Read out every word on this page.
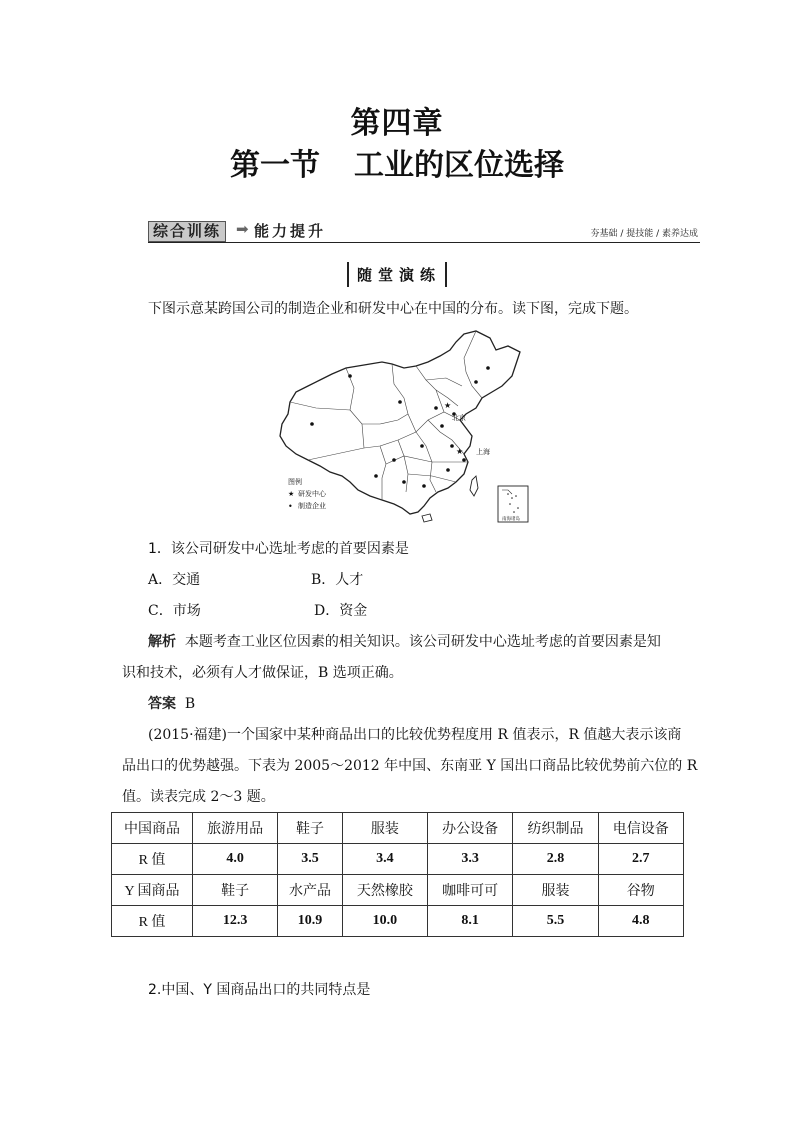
第四章
第一节 工业的区位选择
综合训练 ➡ 能力提升	夯基础 / 提技能 / 素养达成
随堂演练
下图示意某跨国公司的制造企业和研发中心在中国的分布。读下图，完成下题。
★
★
北京
上海
图例
★ 研发中心
• 制造企业
南海诸岛
1．该公司研发中心选址考虑的首要因素是
A．交通	B．人才
C．市场	D．资金
解析 本题考查工业区位因素的相关知识。该公司研发中心选址考虑的首要因素是知
识和技术，必须有人才做保证，B 选项正确。
答案 B
(2015·福建)一个国家中某种商品出口的比较优势程度用 R 值表示，R 值越大表示该商
品出口的优势越强。下表为 2005～2012 年中国、东南亚 Y 国出口商品比较优势前六位的 R
值。读表完成 2～3 题。
中国商品	旅游用品	鞋子	服装	办公设备	纺织制品	电信设备
R 值	4.0	3.5	3.4	3.3	2.8	2.7
Y 国商品	鞋子	水产品	天然橡胶	咖啡可可	服装	谷物
R 值	12.3	10.9	10.0	8.1	5.5	4.8
2.中国、Y 国商品出口的共同特点是
